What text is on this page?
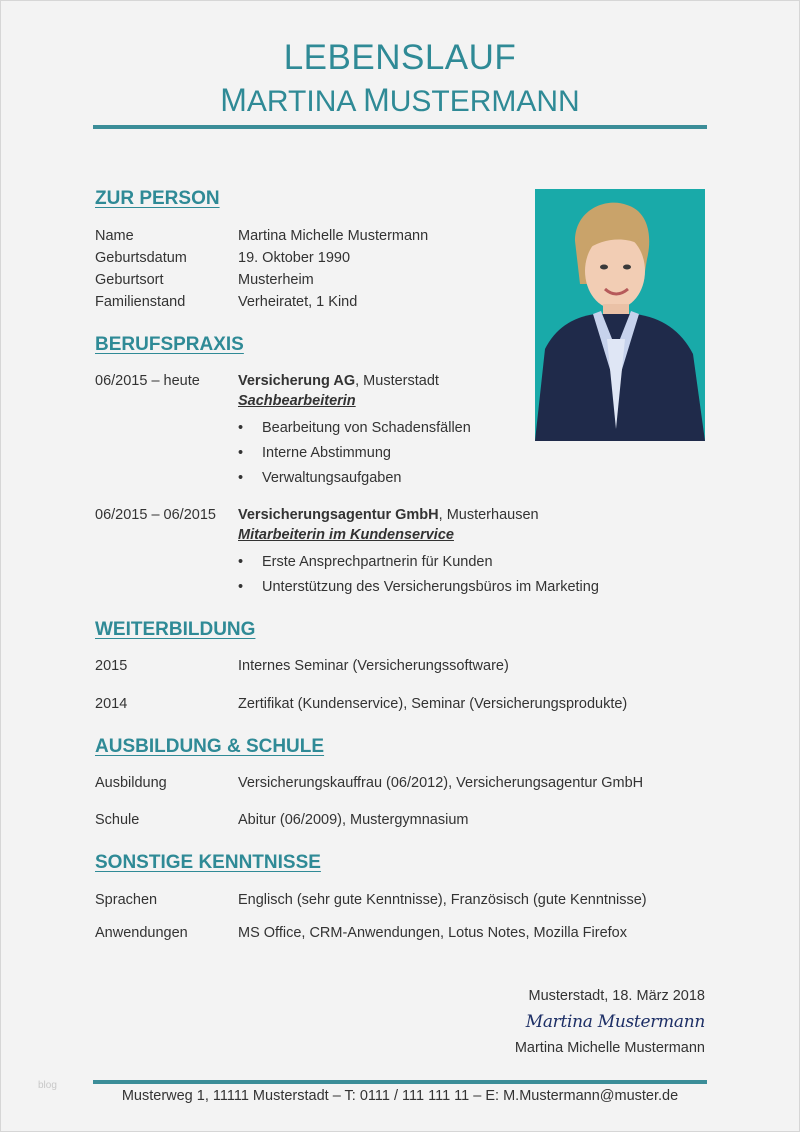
LEBENSLAUF
MARTINA MUSTERMANN
ZUR PERSON
Name	Martina Michelle Mustermann
Geburtsdatum	19. Oktober 1990
Geburtsort	Musterheim
Familienstand	Verheiratet, 1 Kind
BERUFSPRAXIS
06/2015 – heute	Versicherung AG, Musterstadt
Sachbearbeiterin
• Bearbeitung von Schadensfällen
• Interne Abstimmung
• Verwaltungsaufgaben
06/2015 – 06/2015	Versicherungsagentur GmbH, Musterhausen
Mitarbeiterin im Kundenservice
• Erste Ansprechpartnerin für Kunden
• Unterstützung des Versicherungsbüros im Marketing
WEITERBILDUNG
2015	Internes Seminar (Versicherungssoftware)
2014	Zertifikat (Kundenservice), Seminar (Versicherungsprodukte)
AUSBILDUNG & SCHULE
Ausbildung	Versicherungskauffrau (06/2012), Versicherungsagentur GmbH
Schule	Abitur (06/2009), Mustergymnasium
SONSTIGE KENNTNISSE
Sprachen	Englisch (sehr gute Kenntnisse), Französisch (gute Kenntnisse)
Anwendungen	MS Office, CRM-Anwendungen, Lotus Notes, Mozilla Firefox
Musterstadt, 18. März 2018
Martina Mustermann
Martina Michelle Mustermann
blog
Musterweg 1, 11111 Musterstadt – T: 0111 / 111 111 11 – E: M.Mustermann@muster.de
